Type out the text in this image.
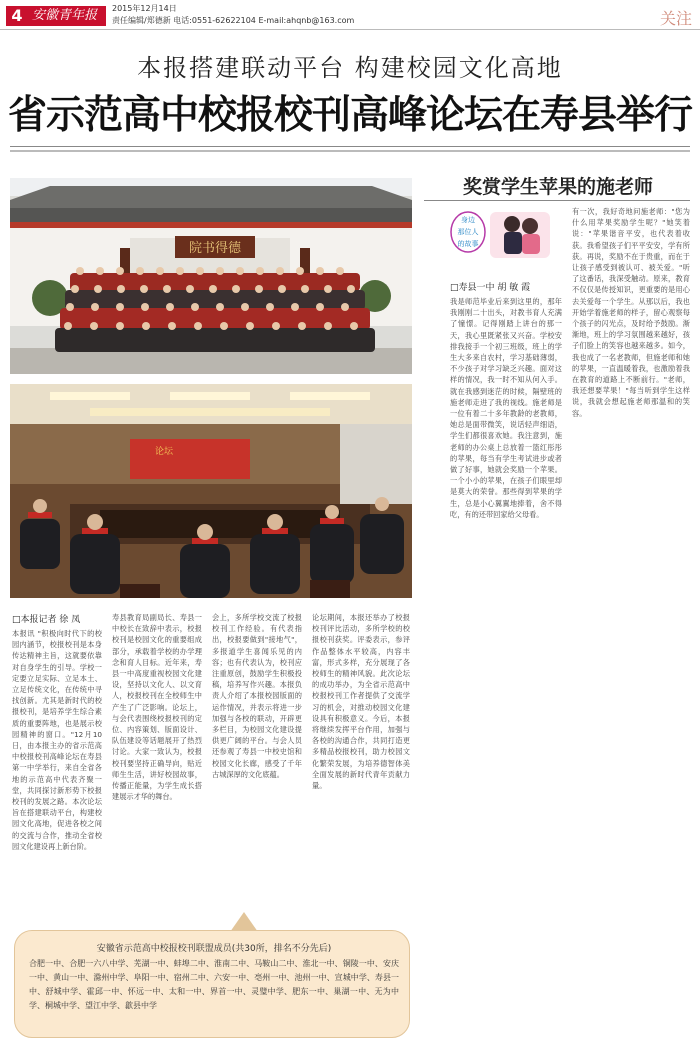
4 安徽青年报	2015年12月14日
责任编辑/郑德新 电话:0551-62622104 E-mail:ahqnb@163.com	关注
本报搭建联动平台 构建校园文化高地
省示范高中校报校刊高峰论坛在寿县举行
院书得德
论坛
奖赏学生苹果的施老师
身边
那位人
的故事
□寿县一中 胡 敏 霞
我是师范毕业后来到这里的，那年我刚刚二十出头，对教书育人充满了憧憬。记得刚踏上讲台的那一天，我心里既紧张又兴奋。学校安排我接手一个初三班级，班上的学生大多来自农村，学习基础薄弱，不少孩子对学习缺乏兴趣。面对这样的情况，我一时不知从何入手。就在我感到迷茫的时候，隔壁班的施老师走进了我的视线。施老师是一位有着二十多年教龄的老教师，她总是面带微笑，说话轻声细语，学生们都很喜欢她。我注意到，施老师的办公桌上总放着一篮红彤彤的苹果，每当有学生考试进步或者做了好事，她就会奖励一个苹果。一个小小的苹果，在孩子们眼里却是莫大的荣誉。那些得到苹果的学生，总是小心翼翼地捧着，舍不得吃，有的还带回家给父母看。
有一次，我好奇地问施老师："您为什么用苹果奖励学生呢？"她笑着说："苹果谐音平安，也代表着收获。我希望孩子们平平安安，学有所获。再说，奖励不在于贵重，而在于让孩子感受到被认可、被关爱。"听了这番话，我深受触动。原来，教育不仅仅是传授知识，更重要的是用心去关爱每一个学生。从那以后，我也开始学着施老师的样子，留心观察每个孩子的闪光点，及时给予鼓励。渐渐地，班上的学习氛围越来越好，孩子们脸上的笑容也越来越多。如今，我也成了一名老教师，但施老师和她的苹果，一直温暖着我，也激励着我在教育的道路上不断前行。"老师，我还想要苹果！"每当听到学生这样说，我就会想起施老师那温和的笑容。
□本报记者 徐 凤
本报讯 "积极向时代下的校园内涵节，校报校刊是本身传达精神主旨，这就要依靠对自身学生的引导。学校一定要立足实际、立足本土、立足传统文化，在传统中寻找创新。尤其是新时代的校报校刊，是培养学生综合素质的重要阵地，也是展示校园精神的窗口。"12月10日，由本报主办的省示范高中校报校刊高峰论坛在寿县第一中学举行，来自全省各地的示范高中代表齐聚一堂，共同探讨新形势下校报校刊的发展之路。本次论坛旨在搭建联动平台，构建校园文化高地，促进各校之间的交流与合作，推动全省校园文化建设再上新台阶。
寿县教育局副局长、寿县一中校长在致辞中表示，校报校刊是校园文化的重要组成部分，承载着学校的办学理念和育人目标。近年来，寿县一中高度重视校园文化建设，坚持以文化人、以文育人，校报校刊在全校师生中产生了广泛影响。论坛上，与会代表围绕校报校刊的定位、内容策划、版面设计、队伍建设等话题展开了热烈讨论。大家一致认为，校报校刊要坚持正确导向，贴近师生生活，讲好校园故事，传播正能量，为学生成长搭建展示才华的舞台。
会上，多所学校交流了校报校刊工作经验。有代表指出，校报要做到"接地气"，多报道学生喜闻乐见的内容；也有代表认为，校刊应注重原创，鼓励学生积极投稿，培养写作兴趣。本报负责人介绍了本报校园版面的运作情况，并表示将进一步加强与各校的联动，开辟更多栏目，为校园文化建设提供更广阔的平台。与会人员还参观了寿县一中校史馆和校园文化长廊，感受了千年古城深厚的文化底蕴。
论坛期间，本报还举办了校报校刊评比活动，多所学校的校报校刊获奖。评委表示，参评作品整体水平较高，内容丰富，形式多样，充分展现了各校师生的精神风貌。此次论坛的成功举办，为全省示范高中校报校刊工作者提供了交流学习的机会，对推动校园文化建设具有积极意义。今后，本报将继续发挥平台作用，加强与各校的沟通合作，共同打造更多精品校报校刊，助力校园文化繁荣发展，为培养德智体美全面发展的新时代青年贡献力量。
安徽省示范高中校报校刊联盟成员(共30所，排名不分先后)
合肥一中、合肥一六八中学、芜湖一中、蚌埠二中、淮南二中、马鞍山二中、淮北一中、铜陵一中、安庆一中、黄山一中、滁州中学、阜阳一中、宿州二中、六安一中、亳州一中、池州一中、宣城中学、寿县一中、舒城中学、霍邱一中、怀远一中、太和一中、界首一中、灵璧中学、肥东一中、巢湖一中、无为中学、桐城中学、望江中学、歙县中学
